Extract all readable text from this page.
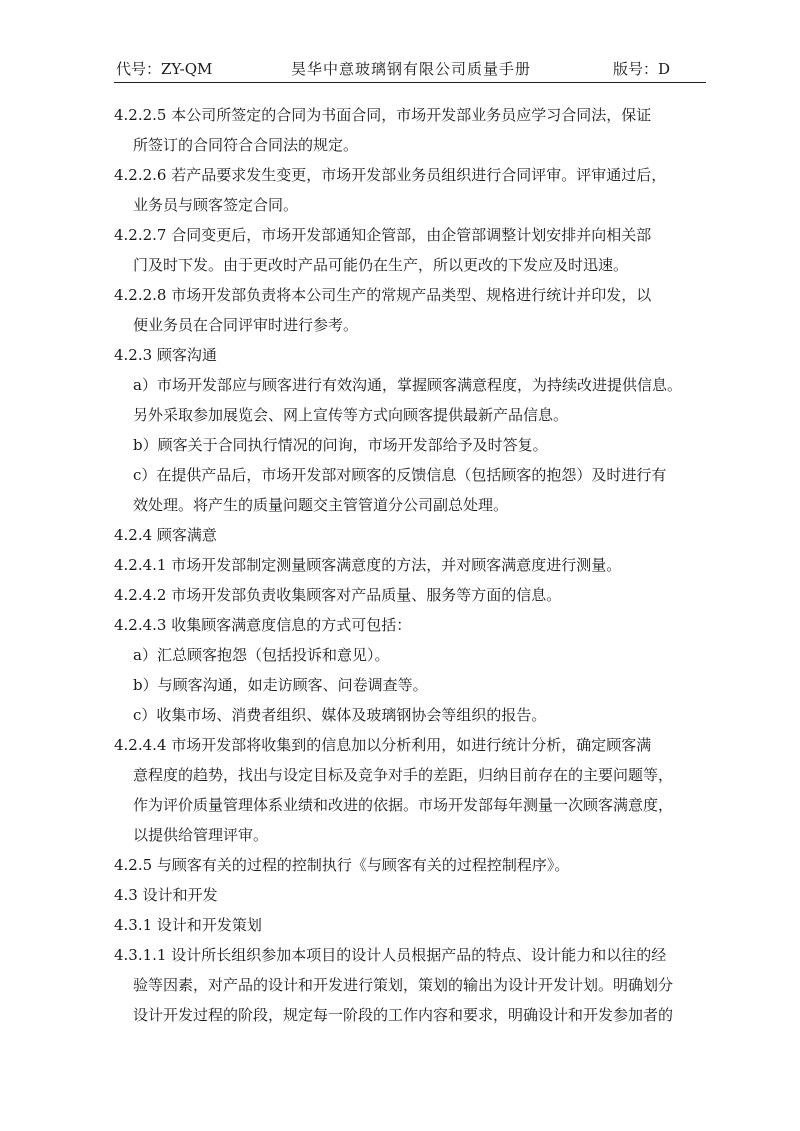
代号：ZY-QM	昊华中意玻璃钢有限公司质量手册	版号：D
4.2.2.5 本公司所签定的合同为书面合同，市场开发部业务员应学习合同法，保证
所签订的合同符合合同法的规定。
4.2.2.6 若产品要求发生变更，市场开发部业务员组织进行合同评审。评审通过后，
业务员与顾客签定合同。
4.2.2.7 合同变更后，市场开发部通知企管部，由企管部调整计划安排并向相关部
门及时下发。由于更改时产品可能仍在生产，所以更改的下发应及时迅速。
4.2.2.8 市场开发部负责将本公司生产的常规产品类型、规格进行统计并印发，以
便业务员在合同评审时进行参考。
4.2.3 顾客沟通
a）市场开发部应与顾客进行有效沟通，掌握顾客满意程度，为持续改进提供信息。
另外采取参加展览会、网上宣传等方式向顾客提供最新产品信息。
b）顾客关于合同执行情况的问询，市场开发部给予及时答复。
c）在提供产品后，市场开发部对顾客的反馈信息（包括顾客的抱怨）及时进行有
效处理。将产生的质量问题交主管管道分公司副总处理。
4.2.4 顾客满意
4.2.4.1 市场开发部制定测量顾客满意度的方法，并对顾客满意度进行测量。
4.2.4.2 市场开发部负责收集顾客对产品质量、服务等方面的信息。
4.2.4.3 收集顾客满意度信息的方式可包括：
a）汇总顾客抱怨（包括投诉和意见）。
b）与顾客沟通，如走访顾客、问卷调查等。
c）收集市场、消费者组织、媒体及玻璃钢协会等组织的报告。
4.2.4.4 市场开发部将收集到的信息加以分析利用，如进行统计分析，确定顾客满
意程度的趋势，找出与设定目标及竞争对手的差距，归纳目前存在的主要问题等，
作为评价质量管理体系业绩和改进的依据。市场开发部每年测量一次顾客满意度，
以提供给管理评审。
4.2.5 与顾客有关的过程的控制执行《与顾客有关的过程控制程序》。
4.3 设计和开发
4.3.1 设计和开发策划
4.3.1.1 设计所长组织参加本项目的设计人员根据产品的特点、设计能力和以往的经
验等因素，对产品的设计和开发进行策划，策划的输出为设计开发计划。明确划分
设计开发过程的阶段，规定每一阶段的工作内容和要求，明确设计和开发参加者的
